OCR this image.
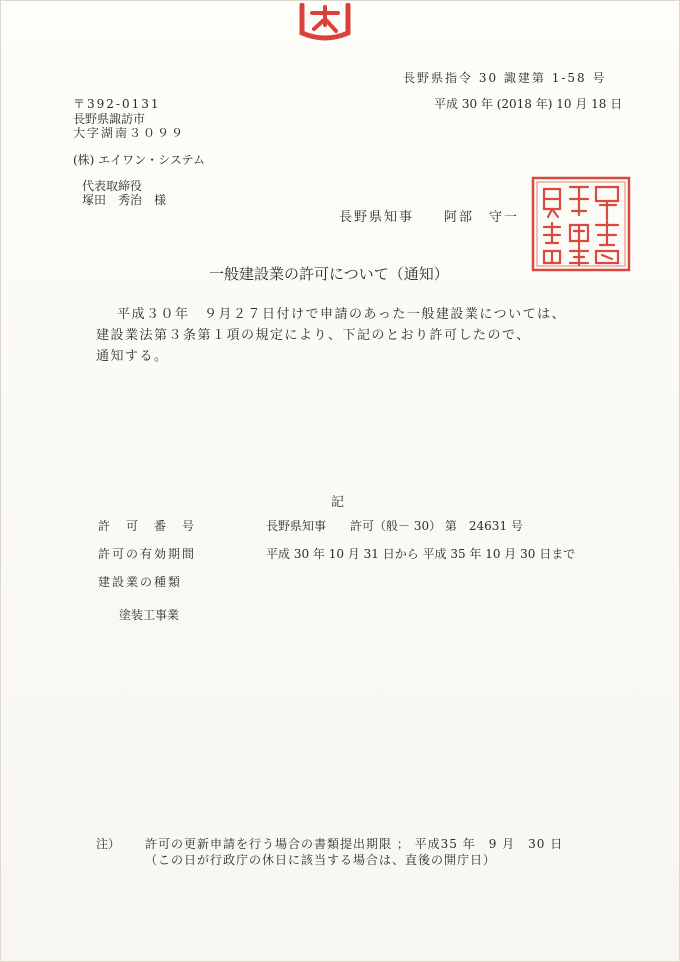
長野県指令 30 諏建第 1-58 号
平成 30 年 (2018 年) 10 月 18 日
〒392-0131
長野県諏訪市
大字湖南３０９９
(株) エイワン・システム
代表取締役
塚田　秀治　様
長野県知事　　阿部　守一
一般建設業の許可について（通知）
平成３０年　９月２７日付けで申請のあった一般建設業については、
建設業法第３条第１項の規定により、下記のとおり許可したので、
通知する。
記
許　可　番　号	長野県知事　　許可（般－ 30） 第　24631 号
許可の有効期間	平成 30 年 10 月 31 日から 平成 35 年 10 月 30 日まで
建設業の種類
塗装工事業
注） 許可の更新申請を行う場合の書類提出期限 ； 平成35 年　9 月　30 日
（この日が行政庁の休日に該当する場合は、直後の開庁日）
